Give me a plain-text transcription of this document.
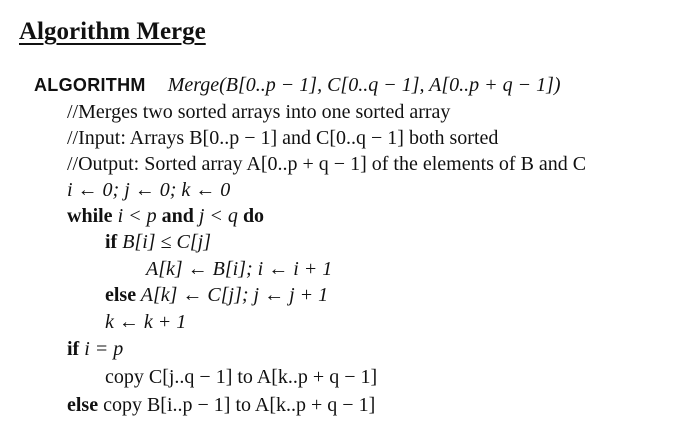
Algorithm Merge
ALGORITHM Merge(B[0..p − 1], C[0..q − 1], A[0..p + q − 1])
//Merges two sorted arrays into one sorted array
//Input: Arrays B[0..p − 1] and C[0..q − 1] both sorted
//Output: Sorted array A[0..p + q − 1] of the elements of B and C
i ← 0; j ← 0; k ← 0
while i < p and j < q do
if B[i] ≤ C[j]
A[k] ← B[i]; i ← i + 1
else A[k] ← C[j]; j ← j + 1
k ← k + 1
if i = p
copy C[j..q − 1] to A[k..p + q − 1]
else copy B[i..p − 1] to A[k..p + q − 1]
